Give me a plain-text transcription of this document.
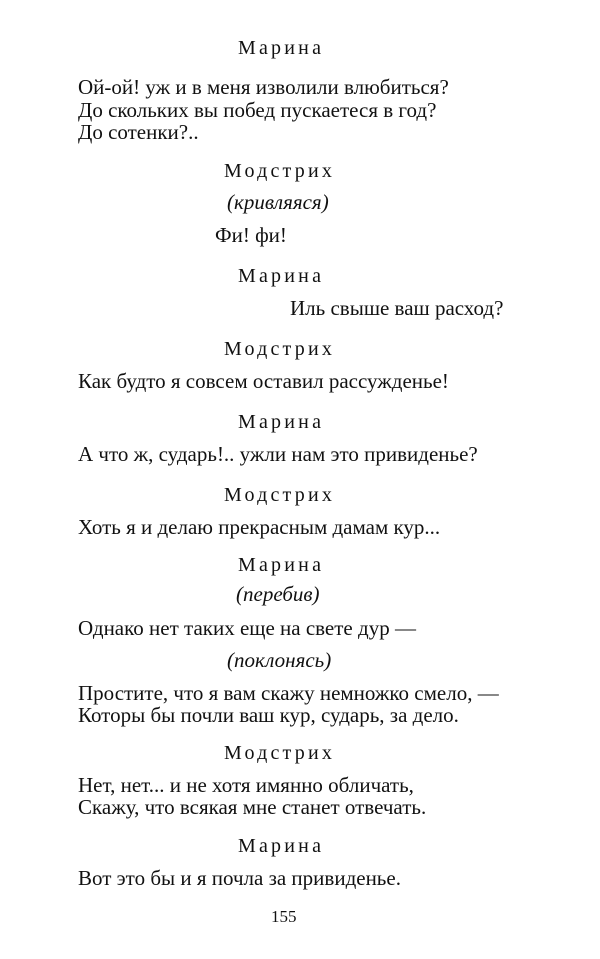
Марина
Ой-ой! уж и в меня изволили влюбиться?
До скольких вы побед пускаетеся в год?
До сотенки?..
Модстрих
(кривляяся)
Фи! фи!
Марина
Иль свыше ваш расход?
Модстрих
Как будто я совсем оставил рассужденье!
Марина
А что ж, сударь!.. ужли нам это привиденье?
Модстрих
Хоть я и делаю прекрасным дамам кур...
Марина
(перебив)
Однако нет таких еще на свете дур —
(поклонясь)
Простите, что я вам скажу немножко смело, —
Которы бы почли ваш кур, сударь, за дело.
Модстрих
Нет, нет... и не хотя имянно обличать,
Скажу, что всякая мне станет отвечать.
Марина
Вот это бы и я почла за привиденье.
155
